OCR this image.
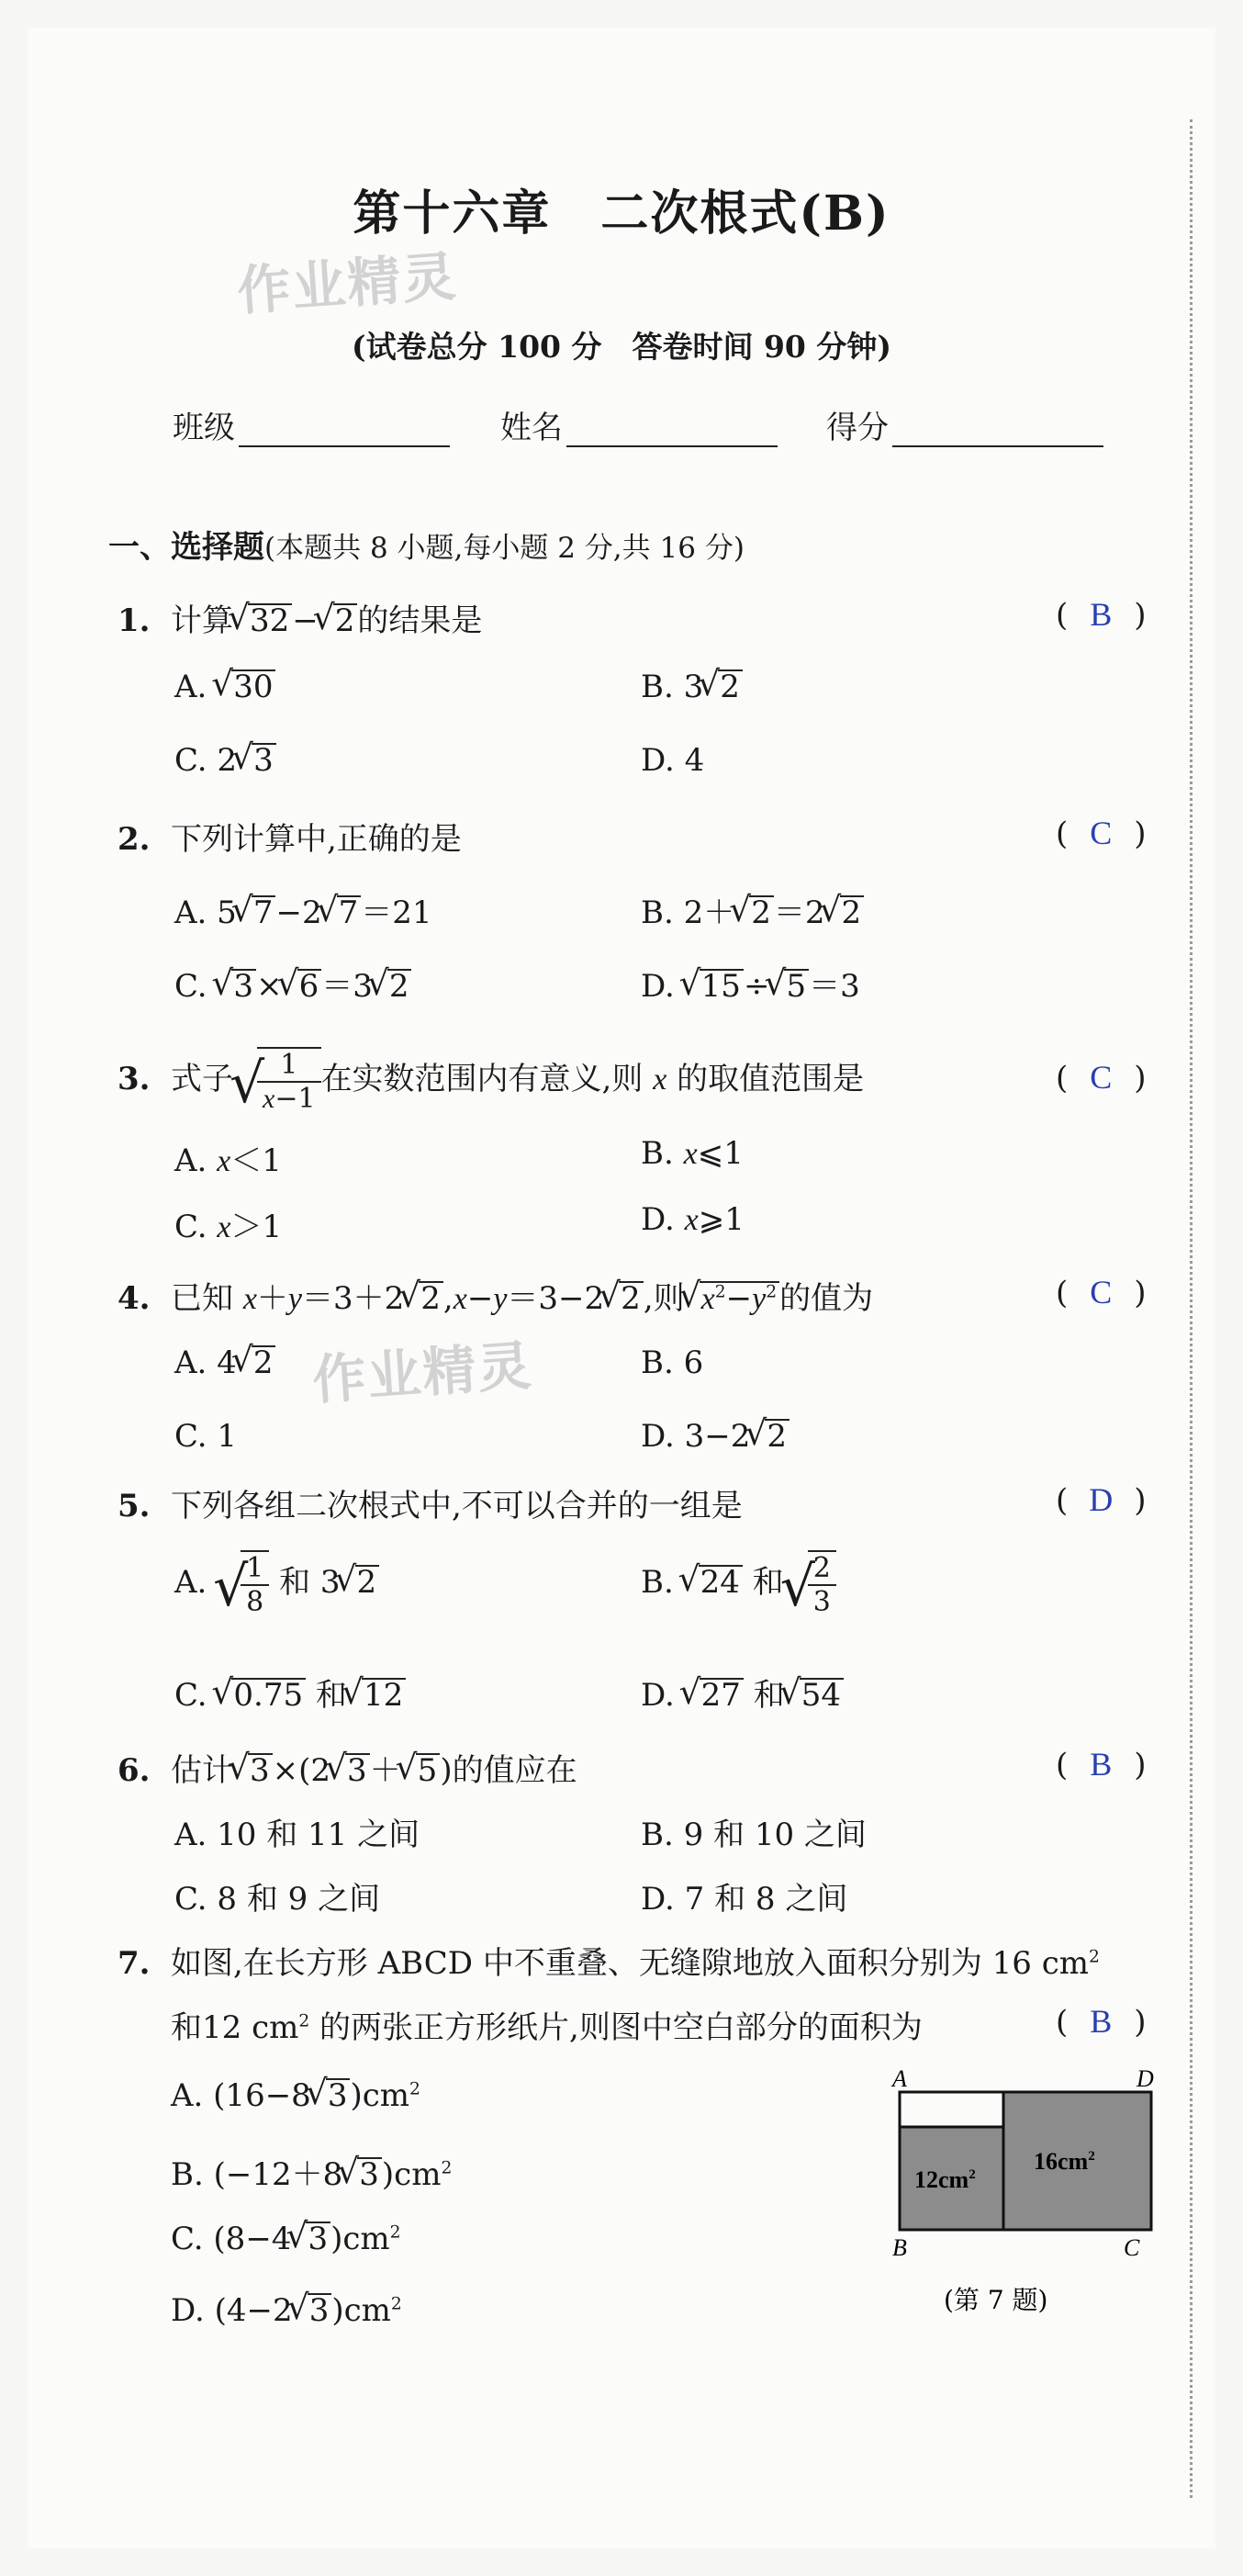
作业精灵
作业精灵
第十六章　二次根式(B)
(试卷总分 100 分　答卷时间 90 分钟)
班级	姓名	得分
一、选择题(本题共 8 小题,每小题 2 分,共 16 分)
1. 计算 √ 32− √ 2的结果是	( B )
A. √ 30	B. 3 √ 2
C. 2 √ 3	D. 4
2. 下列计算中,正确的是	( C )
A. 5 √ 7−2 √ 7＝21	B. 2＋ √ 2＝2 √ 2
C. √ 3× √ 6＝3 √ 2	D. √ 15÷ √ 5＝3
3. 式子 √ $\frac{1}{x-1}$ 在实数范围内有意义,则 x 的取值范围是	( C )
A. x＜1	B. x⩽1
C. x＞1	D. x⩾1
4. 已知 x＋y＝3＋2 √ 2,x−y＝3−2 √ 2,则 √ $x^2-y^2$的值为	( C )
A. 4 √ 2	B. 6
C. 1	D. 3−2 √ 2
5. 下列各组二次根式中,不可以合并的一组是	( D )
A. √ $\frac{1}{8}$ 和 3 √ 2	B. √ 24 和 √ $\frac{2}{3}$
C. √ 0.75 和 √ 12	D. √ 27 和 √ 54
6. 估计 √ 3×(2 √ 3＋ √ 5)的值应在	( B )
A. 10 和 11 之间	B. 9 和 10 之间
C. 8 和 9 之间	D. 7 和 8 之间
7. 如图,在长方形 ABCD 中不重叠、无缝隙地放入面积分别为 16 $cm^2$
和12 $cm^2$ 的两张正方形纸片,则图中空白部分的面积为	( B )
A. (16−8 √ $3)cm^2$
B. (−12＋8 √ $3)cm^2$
C. (8−4 √ $3)cm^2$
D. (4−2 √ $3)cm^2$
A	D
B	C
$12cm^2$ $16cm^2$
(第 7 题)
